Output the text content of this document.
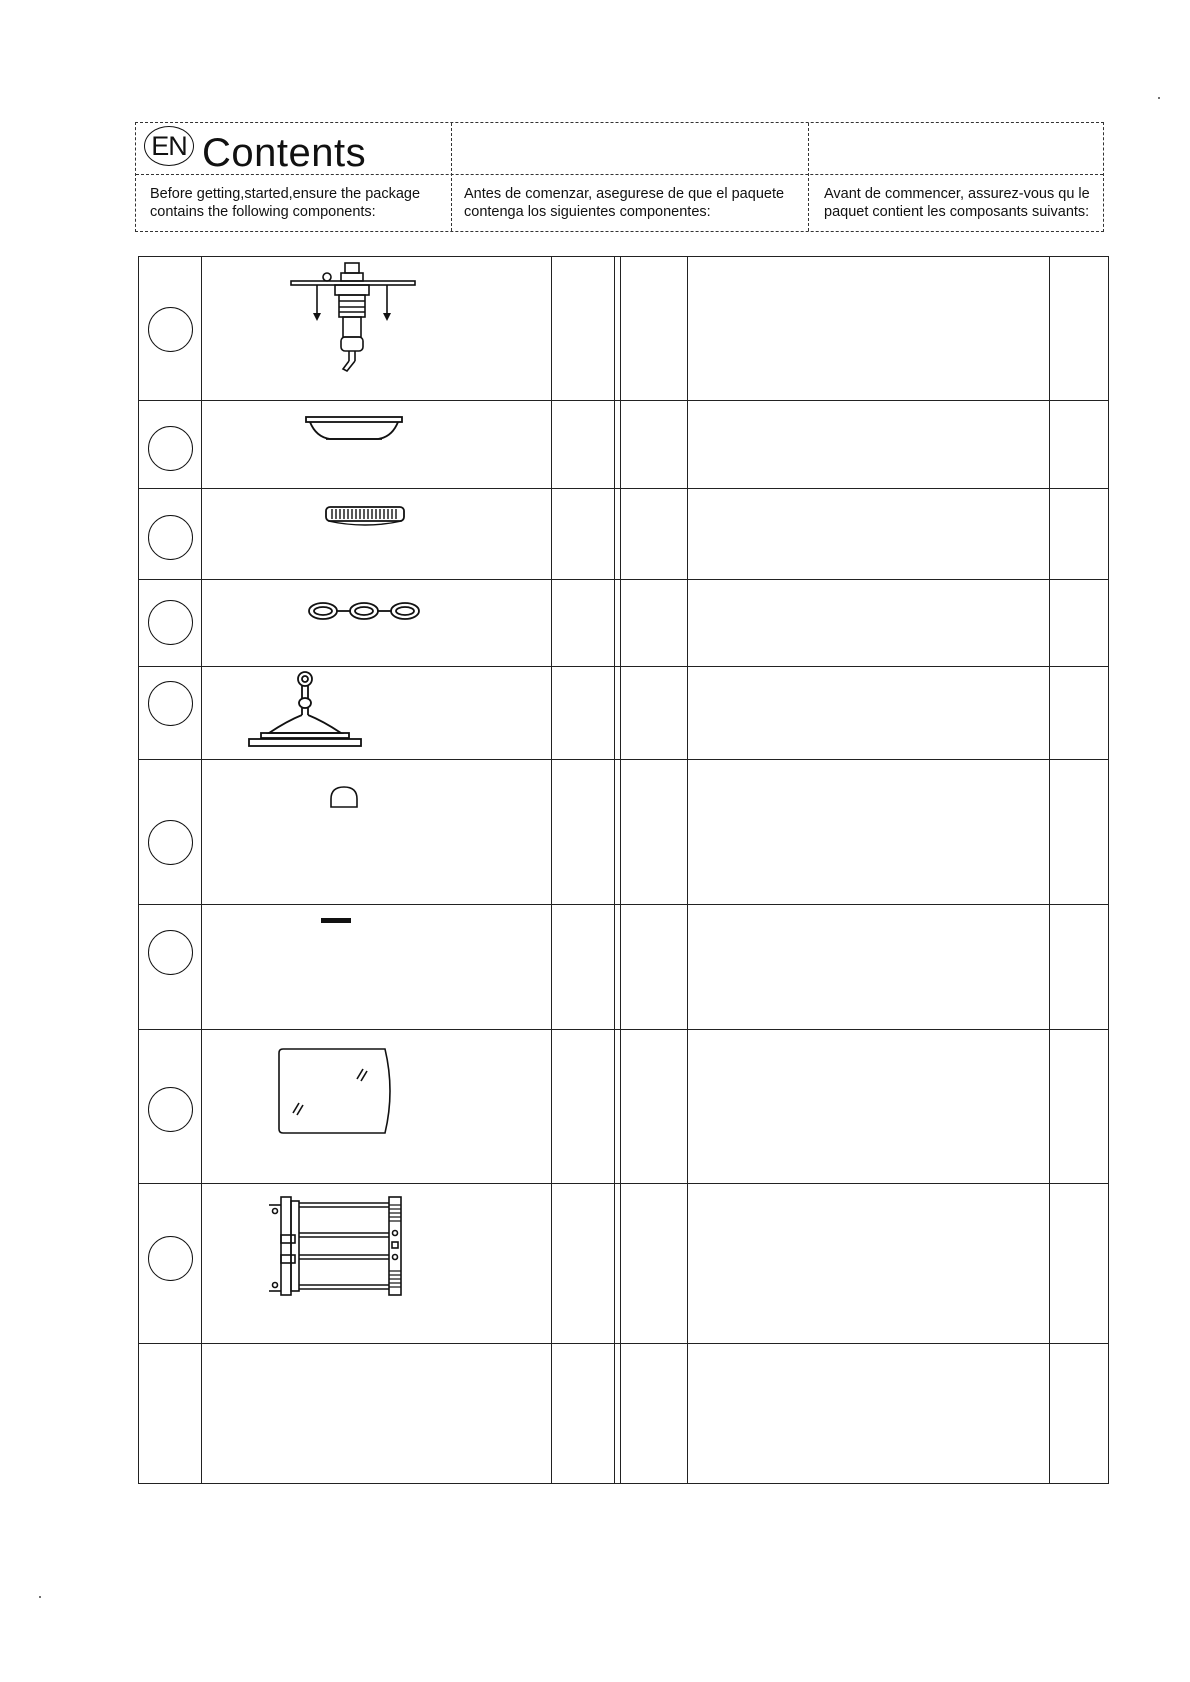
EN Contents
Before getting,started,ensure the package
contains the following components:
Antes de comenzar, asegurese de que el paquete
contenga los siguientes componentes:
Avant de commencer, assurez-vous qu le
paquet contient les composants suivants:
